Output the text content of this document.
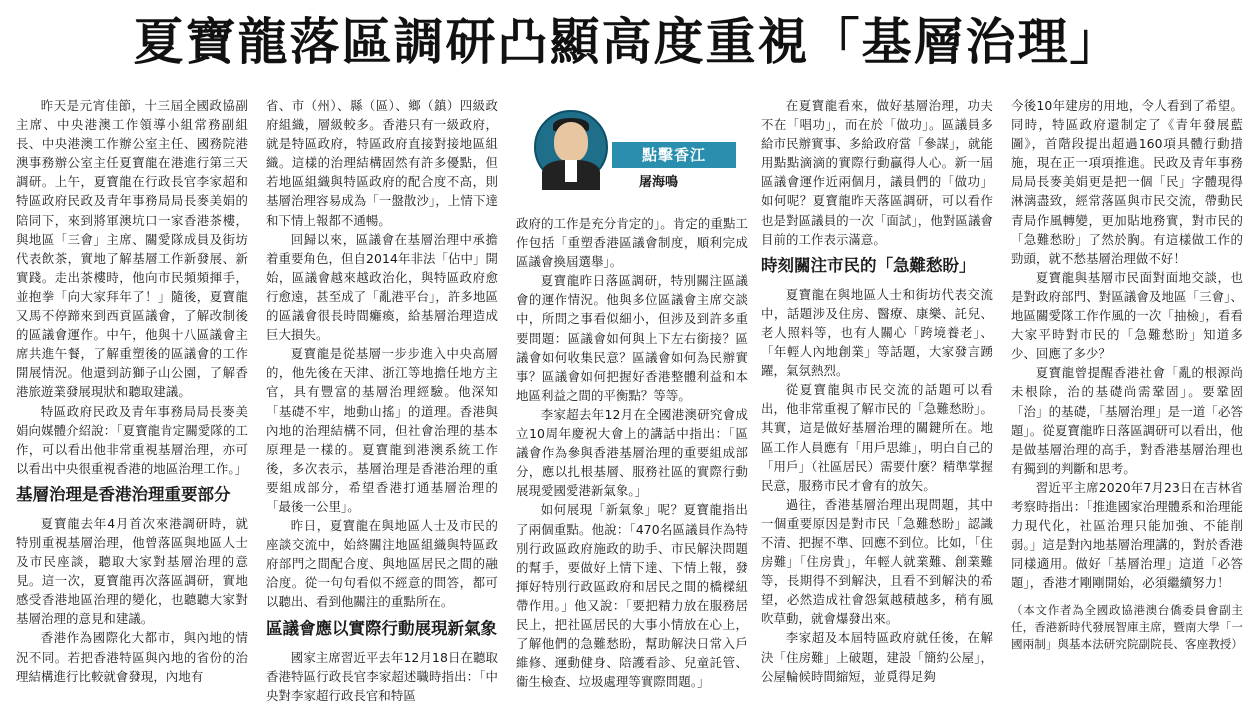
夏寶龍落區調研凸顯高度重視「基層治理」

昨天是元宵佳節，十三屆全國政協副主席、中央港澳工作領導小組常務副組長、中央港澳工作辦公室主任、國務院港澳事務辦公室主任夏寶龍在港進行第三天調研。上午，夏寶龍在行政長官李家超和特區政府民政及青年事務局局長麥美娟的陪同下，來到將軍澳坑口一家香港茶樓，與地區「三會」主席、關愛隊成員及街坊代表飲茶，實地了解基層工作新發展、新實踐。走出茶樓時，他向市民頻頻揮手，並抱拳「向大家拜年了！」隨後，夏寶龍又馬不停蹄來到西貢區議會，了解改制後的區議會運作。中午，他與十八區議會主席共進午餐，了解重塑後的區議會的工作開展情況。他還到訪獅子山公園，了解香港旅遊業發展現狀和聽取建議。

特區政府民政及青年事務局局長麥美娟向媒體介紹說：「夏寶龍肯定關愛隊的工作，可以看出他非常重視基層治理，亦可以看出中央很重視香港的地區治理工作。」

基層治理是香港治理重要部分

夏寶龍去年4月首次來港調研時，就特別重視基層治理，他曾落區與地區人士及市民座談，聽取大家對基層治理的意見。這一次，夏寶龍再次落區調研，實地感受香港地區治理的變化，也聽聽大家對基層治理的意見和建議。

香港作為國際化大都市，與內地的情況不同。若把香港特區與內地的省份的治理結構進行比較就會發現，內地有

省、市（州）、縣（區）、鄉（鎮）四級政府組織，層級較多。香港只有一級政府，就是特區政府，特區政府直接對接地區組織。這樣的治理結構固然有許多優點，但若地區組織與特區政府的配合度不高，則基層治理容易成為「一盤散沙」，上情下達和下情上報都不通暢。

回歸以來，區議會在基層治理中承擔着重要角色，但自2014年非法「佔中」開始，區議會越來越政治化，與特區政府愈行愈遠，甚至成了「亂港平台」，許多地區的區議會很長時間癱瘓，給基層治理造成巨大損失。

夏寶龍是從基層一步步進入中央高層的，他先後在天津、浙江等地擔任地方主官，具有豐富的基層治理經驗。他深知「基礎不牢，地動山搖」的道理。香港與內地的治理結構不同，但社會治理的基本原理是一樣的。夏寶龍到港澳系統工作後，多次表示，基層治理是香港治理的重要組成部分，希望香港打通基層治理的「最後一公里」。

昨日，夏寶龍在與地區人士及市民的座談交流中，始終關注地區組織與特區政府部門之間配合度、與地區居民之間的融洽度。從一句句看似不經意的問答，都可以聽出、看到他關注的重點所在。

區議會應以實際行動展現新氣象

國家主席習近平去年12月18日在聽取香港特區行政長官李家超述職時指出：「中央對李家超行政長官和特區

政府的工作是充分肯定的」。肯定的重點工作包括「重塑香港區議會制度，順利完成區議會換屆選舉」。

夏寶龍昨日落區調研，特別關注區議會的運作情況。他與多位區議會主席交談中，所問之事看似細小，但涉及到許多重要問題：區議會如何與上下左右銜接？區議會如何收集民意？區議會如何為民辦實事？區議會如何把握好香港整體利益和本地區利益之間的平衡點？等等。

李家超去年12月在全國港澳研究會成立10周年慶祝大會上的講話中指出：「區議會作為參與香港基層治理的重要組成部分，應以扎根基層、服務社區的實際行動展現愛國愛港新氣象。」

如何展現「新氣象」呢？夏寶龍指出了兩個重點。他說：「470名區議員作為特別行政區政府施政的助手、市民解決問題的幫手，要做好上情下達、下情上報，發揮好特別行政區政府和居民之間的橋樑紐帶作用。」他又說：「要把精力放在服務居民上，把社區居民的大事小情放在心上，了解他們的急難愁盼，幫助解決日常入戶維修、運動健身、陪護看診、兒童託管、衞生檢查、垃圾處理等實際問題。」

在夏寶龍看來，做好基層治理，功夫不在「唱功」，而在於「做功」。區議員多給市民辦實事、多給政府當「參謀」，就能用點點滴滴的實際行動贏得人心。新一屆區議會運作近兩個月，議員們的「做功」如何呢？夏寶龍昨天落區調研，可以看作也是對區議員的一次「面試」，他對區議會目前的工作表示滿意。

時刻關注市民的「急難愁盼」

夏寶龍在與地區人士和街坊代表交流中，話題涉及住房、醫療、康樂、託兒、老人照料等，也有人關心「跨境養老」、「年輕人內地創業」等話題，大家發言踴躍，氣氛熱烈。

從夏寶龍與市民交流的話題可以看出，他非常重視了解市民的「急難愁盼」。其實，這是做好基層治理的關鍵所在。地區工作人員應有「用戶思維」，明白自己的「用戶」（社區居民）需要什麼？精準掌握民意，服務市民才會有的放矢。

過往，香港基層治理出現問題，其中一個重要原因是對市民「急難愁盼」認識不清、把握不準、回應不到位。比如，「住房難」「住房貴」，年輕人就業難、創業難等，長期得不到解決，且看不到解決的希望，必然造成社會怨氣越積越多，稍有風吹草動，就會爆發出來。

李家超及本屆特區政府就任後，在解決「住房難」上破題，建設「簡約公屋」，公屋輪候時間縮短，並覓得足夠

今後10年建房的用地，令人看到了希望。同時，特區政府還制定了《青年發展藍圖》，首階段提出超過160項具體行動措施，現在正一項項推進。民政及青年事務局局長麥美娟更是把一個「民」字體現得淋漓盡致，經常落區與市民交流，帶動民青局作風轉變，更加貼地務實，對市民的「急難愁盼」了然於胸。有這樣做工作的勁頭，就不愁基層治理做不好！

夏寶龍與基層市民面對面地交談，也是對政府部門、對區議會及地區「三會」、地區關愛隊工作作風的一次「抽檢」，看看大家平時對市民的「急難愁盼」知道多少、回應了多少？

夏寶龍曾提醒香港社會「亂的根源尚未根除，治的基礎尚需鞏固」。要鞏固「治」的基礎，「基層治理」是一道「必答題」。從夏寶龍昨日落區調研可以看出，他是做基層治理的高手，對香港基層治理也有獨到的判斷和思考。

習近平主席2020年7月23日在吉林省考察時指出：「推進國家治理體系和治理能力現代化，社區治理只能加強、不能削弱。」這是對內地基層治理講的，對於香港同樣適用。做好「基層治理」這道「必答題」，香港才剛剛開始，必須繼續努力！

（本文作者為全國政協港澳台僑委員會副主任，香港新時代發展智庫主席，暨南大學「一國兩制」與基本法研究院副院長、客座教授）

點擊香江
屠海鳴
